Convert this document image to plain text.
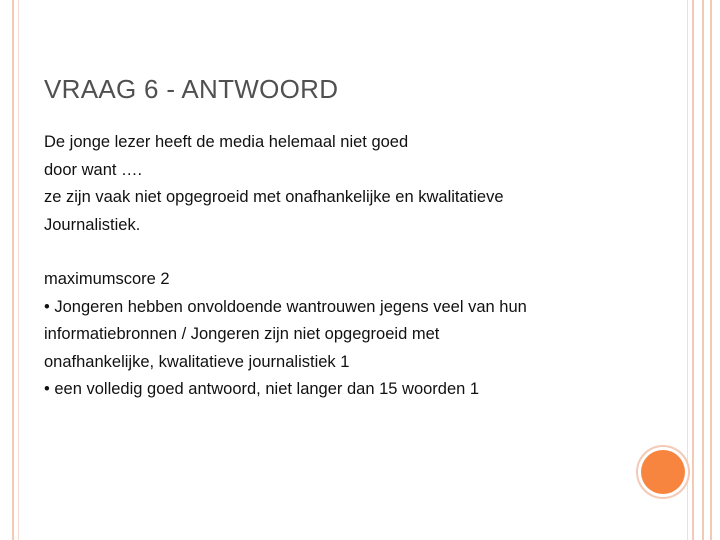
VRAAG 6 - ANTWOORD
De jonge lezer heeft de media helemaal niet goed
door want ….
ze zijn vaak niet opgegroeid met onafhankelijke en kwalitatieve
Journalistiek.
maximumscore 2
• Jongeren hebben onvoldoende wantrouwen jegens veel van hun
informatiebronnen / Jongeren zijn niet opgegroeid met
onafhankelijke, kwalitatieve journalistiek 1
• een volledig goed antwoord, niet langer dan 15 woorden 1
